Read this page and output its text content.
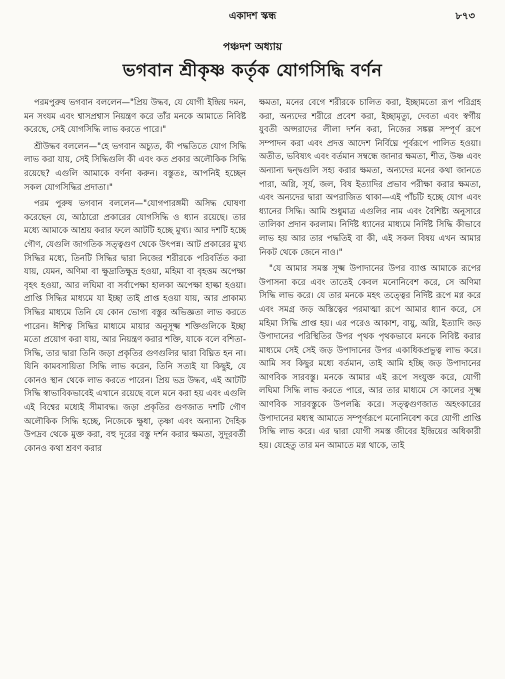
একাদশ স্কন্ধ	৮৭৩
পঞ্চদশ অধ্যায়
ভগবান শ্রীকৃষ্ণ কর্তৃক যোগসিদ্ধি বর্ণন

পরমপুরুষ ভগবান বললেন—"প্রিয় উদ্ধব, যে যোগী ইন্দ্রিয় দমন, মন সংযম এবং শ্বাসপ্রশ্বাস নিয়ন্ত্রণ করে তাঁর মনকে আমাতে নিবিষ্ট করেছে, সেই যোগসিদ্ধি লাভ করতে পারে।"

শ্রীউদ্ধব বললেন—"হে ভগবান অচ্যুত, কী পদ্ধতিতে যোগ সিদ্ধি লাভ করা যায়, সেই সিদ্ধিগুলি কী এবং কত প্রকার অলৌকিক সিদ্ধি রয়েছে? এগুলি আমাকে বর্ণনা করুন। বস্তুতঃ, আপনিই হচ্ছেন সকল যোগসিদ্ধির প্রদাতা।"

পরম পুরুষ ভগবান বললেন—"যোগপারঙ্গমী অসিদ্ধ ঘোষণা করেছেন যে, আঠারো প্রকারের যোগসিদ্ধি ও ধ্যান রয়েছে। তার মধ্যে আমাকে আশ্রয় করার ফলে আটটি হচ্ছে মুখ্য। আর দশটি হচ্ছে গৌণ, যেগুলি জাগতিক সত্ত্বগুণ থেকে উৎপন্ন। আট প্রকারের মুখ্য সিদ্ধির মধ্যে, তিনটি সিদ্ধির দ্বারা নিজের শরীরকে পরিবর্তিত করা যায়, যেমন, অণিমা বা ক্ষুদ্রাতিক্ষুদ্র হওয়া, মহিমা বা বৃহত্তম অপেক্ষা বৃহৎ হওয়া, আর লঘিমা বা সর্বাপেক্ষা হালকা অপেক্ষা হাল্কা হওয়া। প্রাপ্তি সিদ্ধির মাধ্যমে যা ইচ্ছা তাই প্রাপ্ত হওয়া যায়, আর প্রাকাম্য সিদ্ধির মাধ্যমে তিনি যে কোন ভোগ্য বস্তুর অভিজ্ঞতা লাভ করতে পারেন। ঈশিত্ব সিদ্ধির মাধ্যমে মায়ার অনুসূক্ষ্ম শক্তিগুলিকে ইচ্ছা মতো প্রয়োগ করা যায়, আর নিয়ন্ত্রণ করার শক্তি, যাকে বলে বশিতা-সিদ্ধি, তার দ্বারা তিনি জড়া প্রকৃতির গুণগুলির দ্বারা বিঘ্নিত হন না। যিনি কামবসায়িতা সিদ্ধি লাভ করেন, তিনি সত্যই যা কিছুই, যে কোনও স্থান থেকে লাভ করতে পারেন। প্রিয় ভদ্র উদ্ধব, এই আটটি সিদ্ধি স্বাভাবিকভাবেই এখানে রয়েছে বলে মনে করা হয় এবং এগুলি এই বিশ্বের মধ্যেই সীমাবদ্ধ। জড়া প্রকৃতির গুণজাত দশটি গৌণ অলৌকিক সিদ্ধি হচ্ছে, নিজেকে ক্ষুধা, তৃষ্ণা এবং অন্যান্য দৈহিক উপদ্রব থেকে মুক্ত করা, বহু দূরের বস্তু দর্শন করার ক্ষমতা, সুদূরবর্তী কোনও কথা শ্রবণ করার

ক্ষমতা, মনের বেগে শরীরকে চালিত করা, ইচ্ছামতো রূপ পরিগ্রহ করা, অন্যদের শরীরে প্রবেশ করা, ইচ্ছামৃত্যু, দেবতা এবং স্বর্গীয় যুবতী অপ্সরাদের লীলা দর্শন করা, নিজের সঙ্কল্প সম্পূর্ণ রূপে সম্পাদন করা এবং প্রদত্ত আদেশ নির্বিঘ্নে পূর্বরূপে পালিত হওয়া। অতীত, ভবিষ্যৎ এবং বর্তমান সম্বন্ধে জানার ক্ষমতা, শীত, উষ্ণ এবং অন্যান্য দ্বন্দ্বগুলি সহ্য করার ক্ষমতা, অন্যদের মনের কথা জানতে পারা, অগ্নি, সূর্য, জল, বিষ ইত্যাদির প্রভাব পরীক্ষা করার ক্ষমতা, এবং অন্যদের দ্বারা অপরাজিত থাকা—এই পাঁচটি হচ্ছে যোগ এবং ধ্যানের সিদ্ধি। আমি শুধুমাত্র এগুলির নাম এবং বৈশিষ্ট্য অনুসারে তালিকা প্রদান করলাম। নির্দিষ্ট ধ্যানের মাধ্যমে নির্দিষ্ট সিদ্ধি কীভাবে লাভ হয় আর তার পদ্ধতিই বা কী, এই সকল বিষয় এখন আমার নিকট থেকে জেনে নাও।"

"যে আমার সমস্ত সূক্ষ্ম উপাদানের উপর ব্যাপ্ত আমাকে রূপের উপাসনা করে এবং তাতেই কেবল মনোনিবেশ করে, সে অণিমা সিদ্ধি লাভ করে। যে তার মনকে মহৎ তত্ত্বের নির্দিষ্ট রূপে মগ্ন করে এবং সমগ্র জড় অস্তিত্বের পরমাত্মা রূপে আমার ধ্যান করে, সে মহিমা সিদ্ধি প্রাপ্ত হয়। এর পরেও আকাশ, বায়ু, অগ্নি, ইত্যাদি জড় উপাদানের পরিস্থিতির উপর পৃথক পৃথকভাবে মনকে নিবিষ্ট করার মাধ্যমে সেই সেই জড় উপাদানের উপর একাধিকপ্রভুত্ব লাভ করে। আমি সব কিছুর মধ্যে বর্তমান, তাই আমি হচ্ছি জড় উপাদানের আণবিক সারবস্তু। মনকে আমার এই রূপে সংযুক্ত করে, যোগী লঘিমা সিদ্ধি লাভ করতে পারে, আর তার মাধ্যমে সে কালের সূক্ষ্ম আণবিক সারবস্তুকে উপলব্ধি করে। সত্ত্বগুণজাত অহংকারের উপাদানের মধ্যস্থ আমাতে সম্পূর্ণরূপে মনোনিবেশ করে যোগী প্রাপ্তি সিদ্ধি লাভ করে। এর দ্বারা যোগী সমস্ত জীবের ইন্দ্রিয়ের অধিকারী হয়। যেহেতু তার মন আমাতে মগ্ন থাকে, তাই
